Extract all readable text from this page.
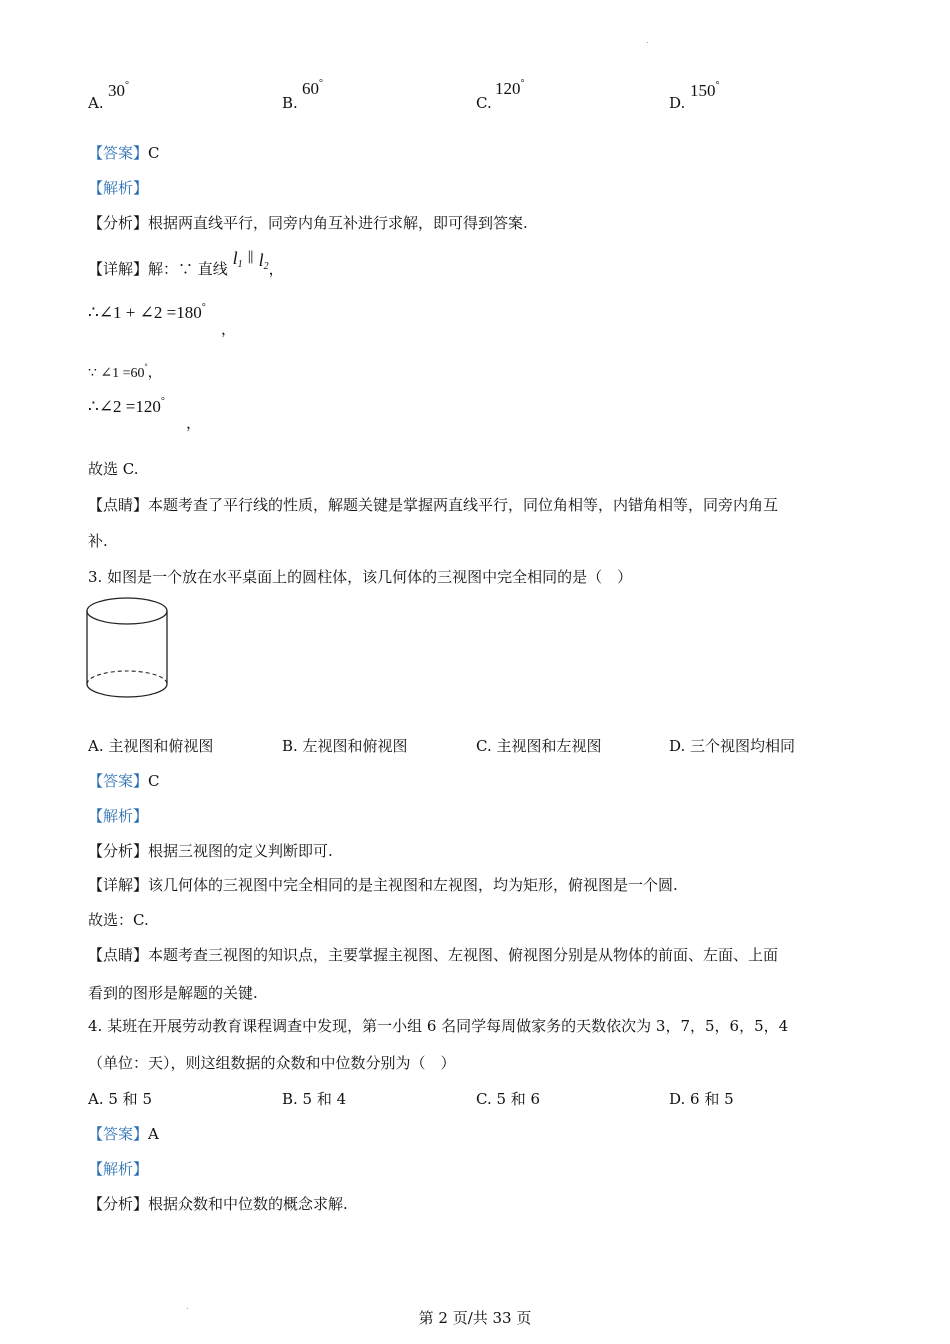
.
A.
30°
B.
60°
C.
120°
D.
150°
【答案】C
【解析】
【分析】根据两直线平行，同旁内角互补进行求解，即可得到答案.
【详解】解：∵ 直线 $l_1$ ∥ $l_2$，
∴∠1 + ∠2 =180°
，
∵ ∠1 =60°，
∴∠2 =120°
，
故选 C.
【点睛】本题考查了平行线的性质，解题关键是掌握两直线平行，同位角相等，内错角相等，同旁内角互
补.
3. 如图是一个放在水平桌面上的圆柱体，该几何体的三视图中完全相同的是（　）
A. 主视图和俯视图	B. 左视图和俯视图	C. 主视图和左视图	D. 三个视图均相同
【答案】C
【解析】
【分析】根据三视图的定义判断即可.
【详解】该几何体的三视图中完全相同的是主视图和左视图，均为矩形，俯视图是一个圆.
故选：C.
【点睛】本题考查三视图的知识点，主要掌握主视图、左视图、俯视图分别是从物体的前面、左面、上面
看到的图形是解题的关键.
4. 某班在开展劳动教育课程调查中发现，第一小组 6 名同学每周做家务的天数依次为 3，7，5，6，5，4
（单位：天），则这组数据的众数和中位数分别为（　）
A. 5 和 5	B. 5 和 4	C. 5 和 6	D. 6 和 5
【答案】A
【解析】
【分析】根据众数和中位数的概念求解.
.
第 2 页/共 33 页
